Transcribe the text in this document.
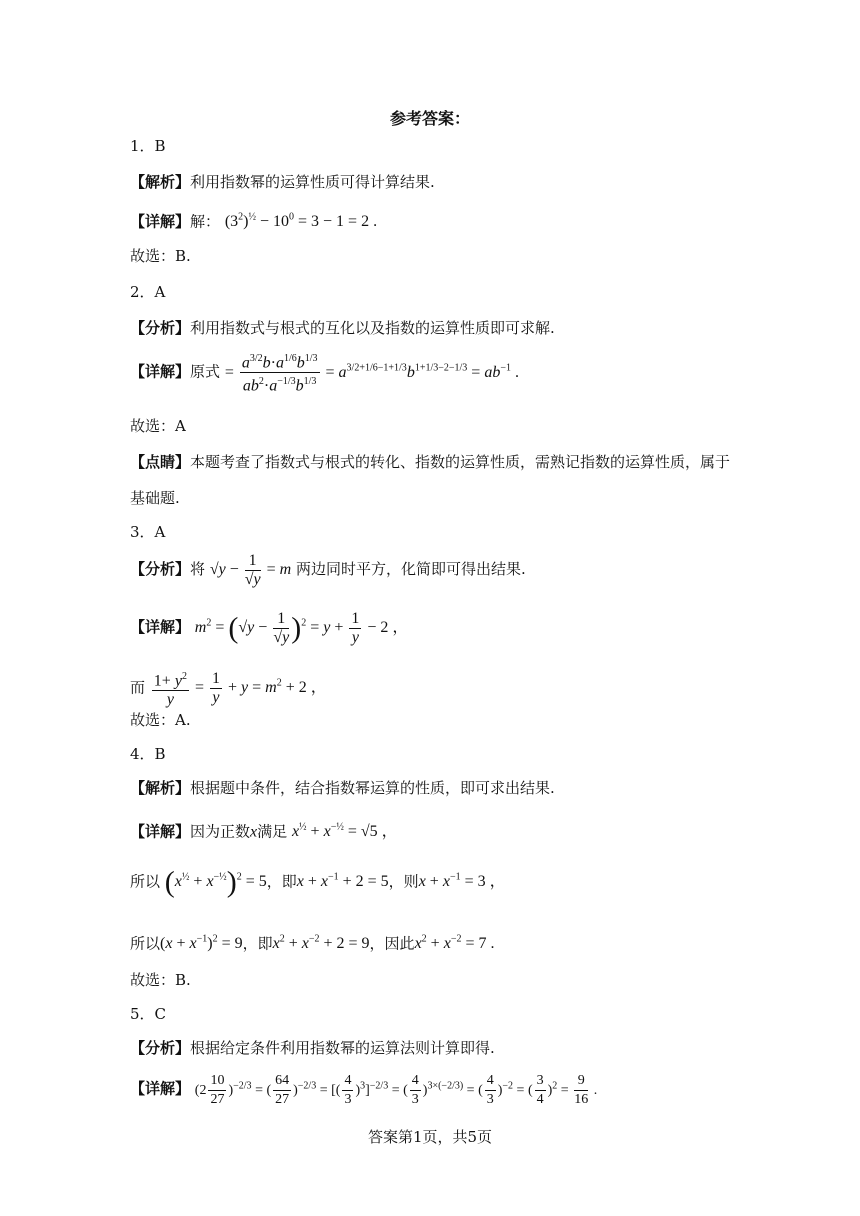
参考答案：
1．B
【解析】利用指数幂的运算性质可得计算结果.
【详解】解： $(3^2)^{\frac{1}{2}} - 10^0 = 3 - 1 = 2$ .
故选：B.
2．A
【分析】利用指数式与根式的互化以及指数的运算性质即可求解.
【详解】原式 = $\frac{a^{3/2}b\cdot a^{1/6}b^{1/3}}{ab^2\cdot a^{-1/3}b^{1/3}} = a^{3/2+1/6-1+1/3}b^{1+1/3-2-1/3} = ab^{-1}$ .
故选：A
【点睛】本题考查了指数式与根式的转化、指数的运算性质，需熟记指数的运算性质，属于
基础题.
3．A
【分析】将 $√y - \frac{1}{√y} = m$ 两边同时平方，化简即可得出结果.
【详解】 $m^2 = (√y - \frac{1}{√y} )^2 = y + \frac{1}{y} - 2$ ，
而 $\frac{1+ y^2}{y} = \frac{1}{y} + y = m^2 + 2$ ，
故选：A.
4．B
【解析】根据题中条件，结合指数幂运算的性质，即可求出结果.
【详解】因为正数x满足 $x^{\frac{1}{2}} + x^{-\frac{1}{2}} = √5$ ，
所以 $(x^{\frac{1}{2}} + x^{-\frac{1}{2}})^2 = 5$，即$x + x^{-1} + 2 = 5$，则$x + x^{-1} = 3$ ，
所以$(x + x^{-1})^2 = 9$，即$x^2 + x^{-2} + 2 = 9$，因此$x^2 + x^{-2} = 7$ .
故选：B.
5．C
【分析】根据给定条件利用指数幂的运算法则计算即得.
【详解】 $(2 \frac{10}{27} )^{-2/3}$ = ( $\frac{64}{27} )^{-2/3}$ = [( $\frac{4}{3} )^3]^{-2/3}$ = ( $\frac{4}{3} )^{3\times(-2/3)}$ = ( $\frac{4}{3} )^{-2}$ = ( $\frac{3}{4} )^2 = \frac{9}{16}$ .
答案第1页，共5页
